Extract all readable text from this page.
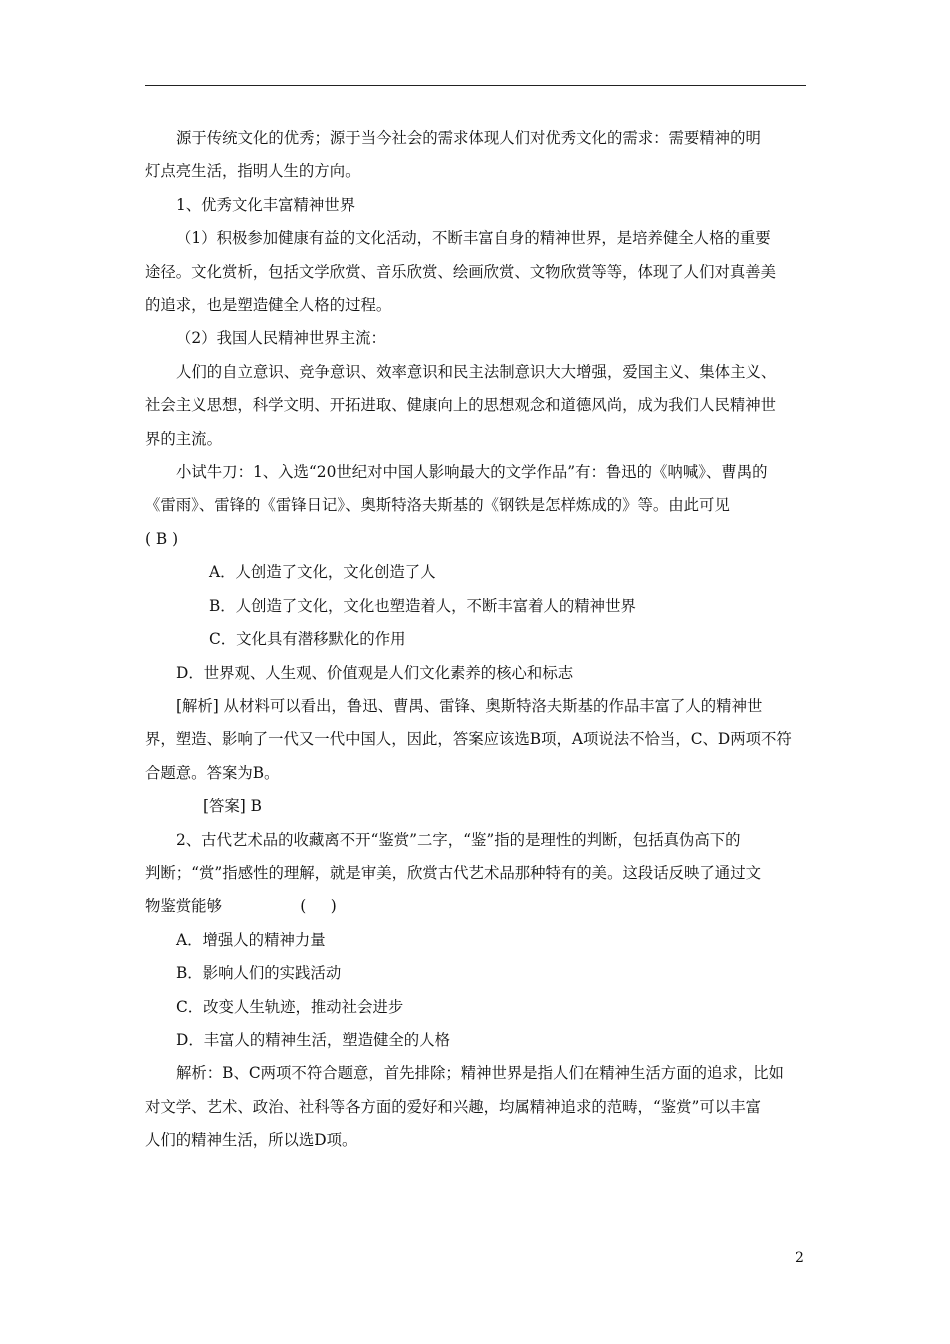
源于传统文化的优秀；源于当今社会的需求体现人们对优秀文化的需求：需要精神的明

灯点亮生活，指明人生的方向。

1、优秀文化丰富精神世界

（1）积极参加健康有益的文化活动，不断丰富自身的精神世界，是培养健全人格的重要

途径。文化赏析，包括文学欣赏、音乐欣赏、绘画欣赏、文物欣赏等等，体现了人们对真善美

的追求，也是塑造健全人格的过程。

（2）我国人民精神世界主流：

人们的自立意识、竞争意识、效率意识和民主法制意识大大增强，爱国主义、集体主义、

社会主义思想，科学文明、开拓进取、健康向上的思想观念和道德风尚，成为我们人民精神世

界的主流。

小试牛刀：1、入选“20世纪对中国人影响最大的文学作品”有：鲁迅的《呐喊》、曹禺的

《雷雨》、雷锋的《雷锋日记》、奥斯特洛夫斯基的《钢铁是怎样炼成的》等。由此可见

( B )

A．人创造了文化，文化创造了人

B．人创造了文化，文化也塑造着人，不断丰富着人的精神世界

C．文化具有潜移默化的作用

D．世界观、人生观、价值观是人们文化素养的核心和标志

[解析] 从材料可以看出，鲁迅、曹禺、雷锋、奥斯特洛夫斯基的作品丰富了人的精神世

界，塑造、影响了一代又一代中国人，因此，答案应该选B项，A项说法不恰当，C、D两项不符

合题意。答案为B。

[答案] B

2、古代艺术品的收藏离不开“鉴赏”二字，“鉴”指的是理性的判断，包括真伪高下的

判断；“赏”指感性的理解，就是审美，欣赏古代艺术品那种特有的美。这段话反映了通过文

物鉴赏能够                (     )

A．增强人的精神力量

B．影响人们的实践活动

C．改变人生轨迹，推动社会进步

D．丰富人的精神生活，塑造健全的人格

解析：B、C两项不符合题意，首先排除；精神世界是指人们在精神生活方面的追求，比如

对文学、艺术、政治、社科等各方面的爱好和兴趣，均属精神追求的范畴，“鉴赏”可以丰富

人们的精神生活，所以选D项。

2
